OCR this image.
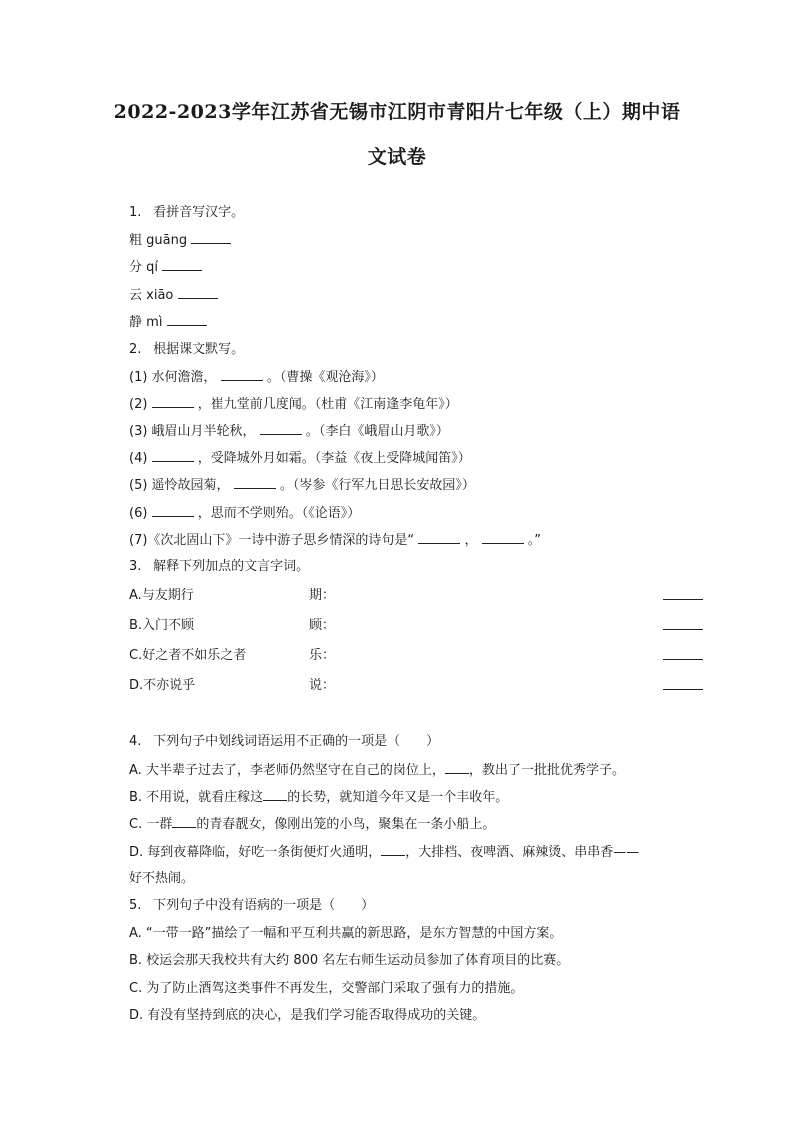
2022-2023学年江苏省无锡市江阴市青阳片七年级（上）期中语
文试卷
1. 看拼音写汉字。
粗 guāng
分 qí
云 xiāo
静 mì
2. 根据课文默写。
(1) 水何澹澹，	。（曹操《观沧海》）
(2)	，崔九堂前几度闻。（杜甫《江南逢李龟年》）
(3) 峨眉山月半轮秋，	。（李白《峨眉山月歌》）
(4)	，受降城外月如霜。（李益《夜上受降城闻笛》）
(5) 遥怜故园菊，	。（岑参《行军九日思长安故园》）
(6)	，思而不学则殆。（《论语》）
(7)《次北固山下》一诗中游子思乡情深的诗句是“	，	。”
3. 解释下列加点的文言字词。
A.与友期行	期：
B.入门不顾	顾：
C.好之者不如乐之者	乐：
D.不亦说乎	说：
4. 下列句子中划线词语运用不正确的一项是（　　）
A. 大半辈子过去了，李老师仍然坚守在自己的岗位上， ，教出了一批批优秀学子。
B. 不用说，就看庄稼这 的长势，就知道今年又是一个丰收年。
C. 一群 的青春靓女，像刚出笼的小鸟，聚集在一条小船上。
D. 每到夜幕降临，好吃一条街便灯火通明， ，大排档、夜啤酒、麻辣烫、串串香——
好不热闹。
5. 下列句子中没有语病的一项是（　　）
A. “一带一路”描绘了一幅和平互利共赢的新思路，是东方智慧的中国方案。
B. 校运会那天我校共有大约 800 名左右师生运动员参加了体育项目的比赛。
C. 为了防止酒驾这类事件不再发生，交警部门采取了强有力的措施。
D. 有没有坚持到底的决心，是我们学习能否取得成功的关键。
